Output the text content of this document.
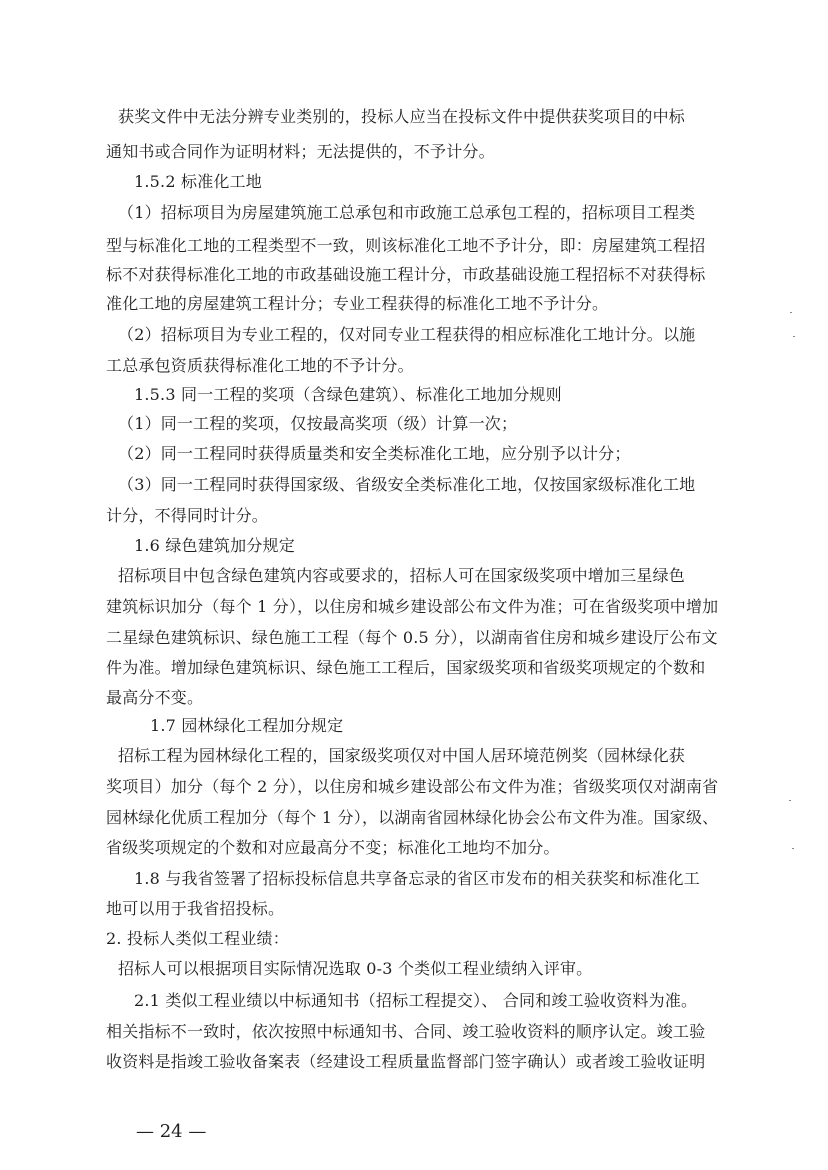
获奖文件中无法分辨专业类别的，投标人应当在投标文件中提供获奖项目的中标
通知书或合同作为证明材料；无法提供的，不予计分。
1.5.2 标准化工地
（1）招标项目为房屋建筑施工总承包和市政施工总承包工程的，招标项目工程类
型与标准化工地的工程类型不一致，则该标准化工地不予计分，即：房屋建筑工程招
标不对获得标准化工地的市政基础设施工程计分，市政基础设施工程招标不对获得标
准化工地的房屋建筑工程计分；专业工程获得的标准化工地不予计分。
（2）招标项目为专业工程的，仅对同专业工程获得的相应标准化工地计分。以施
工总承包资质获得标准化工地的不予计分。
1.5.3 同一工程的奖项（含绿色建筑）、标准化工地加分规则
（1）同一工程的奖项，仅按最高奖项（级）计算一次；
（2）同一工程同时获得质量类和安全类标准化工地，应分别予以计分；
（3）同一工程同时获得国家级、省级安全类标准化工地，仅按国家级标准化工地
计分，不得同时计分。
1.6 绿色建筑加分规定
招标项目中包含绿色建筑内容或要求的，招标人可在国家级奖项中增加三星绿色
建筑标识加分（每个 1 分），以住房和城乡建设部公布文件为准；可在省级奖项中增加
二星绿色建筑标识、绿色施工工程（每个 0.5 分），以湖南省住房和城乡建设厅公布文
件为准。增加绿色建筑标识、绿色施工工程后，国家级奖项和省级奖项规定的个数和
最高分不变。
1.7 园林绿化工程加分规定
招标工程为园林绿化工程的，国家级奖项仅对中国人居环境范例奖（园林绿化获
奖项目）加分（每个 2 分），以住房和城乡建设部公布文件为准；省级奖项仅对湖南省
园林绿化优质工程加分（每个 1 分），以湖南省园林绿化协会公布文件为准。国家级、
省级奖项规定的个数和对应最高分不变；标准化工地均不加分。
1.8 与我省签署了招标投标信息共享备忘录的省区市发布的相关获奖和标准化工
地可以用于我省招投标。
2. 投标人类似工程业绩：
招标人可以根据项目实际情况选取 0-3 个类似工程业绩纳入评审。
2.1 类似工程业绩以中标通知书（招标工程提交）、 合同和竣工验收资料为准。
相关指标不一致时，依次按照中标通知书、合同、竣工验收资料的顺序认定。竣工验
收资料是指竣工验收备案表（经建设工程质量监督部门签字确认）或者竣工验收证明
— 24 —
